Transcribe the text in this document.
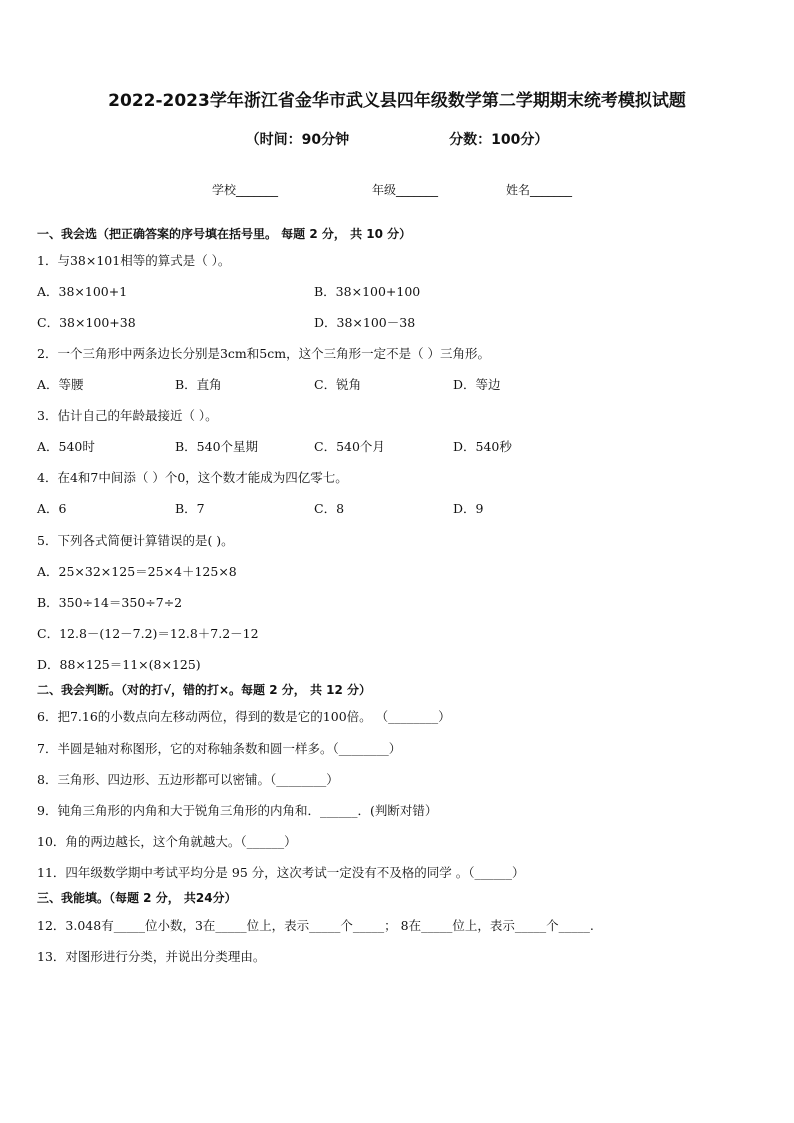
2022-2023学年浙江省金华市武义县四年级数学第二学期期末统考模拟试题
（时间：90分钟	分数：100分）
学校_______	年级_______	姓名_______
一、我会选（把正确答案的序号填在括号里。 每题 2 分， 共 10 分）
1．与38×101相等的算式是（ ）。
A．38×100+1	B．38×100+100
C．38×100+38	D．38×100－38
2．一个三角形中两条边长分别是3cm和5cm，这个三角形一定不是（ ）三角形。
A．等腰	B．直角	C．锐角	D．等边
3．估计自己的年龄最接近（ ）。
A．540时	B．540个星期	C．540个月	D．540秒
4．在4和7中间添（ ）个0，这个数才能成为四亿零七。
A．6	B．7	C．8	D．9
5．下列各式简便计算错误的是( )。
A．25×32×125＝25×4＋125×8
B．350÷14＝350÷7÷2
C．12.8－(12－7.2)＝12.8＋7.2－12
D．88×125＝11×(8×125)
二、我会判断。（对的打√，错的打×。每题 2 分， 共 12 分）
6．把7.16的小数点向左移动两位，得到的数是它的100倍。 （________）
7．半圆是轴对称图形，它的对称轴条数和圆一样多。（________）
8．三角形、四边形、五边形都可以密铺。（________）
9．钝角三角形的内角和大于锐角三角形的内角和．______．(判断对错）
10．角的两边越长，这个角就越大。（______）
11．四年级数学期中考试平均分是 95 分，这次考试一定没有不及格的同学 。（______）
三、我能填。（每题 2 分， 共24分）
12．3.048有_____位小数，3在_____位上，表示_____个_____； 8在_____位上，表示_____个_____.
13．对图形进行分类，并说出分类理由。
